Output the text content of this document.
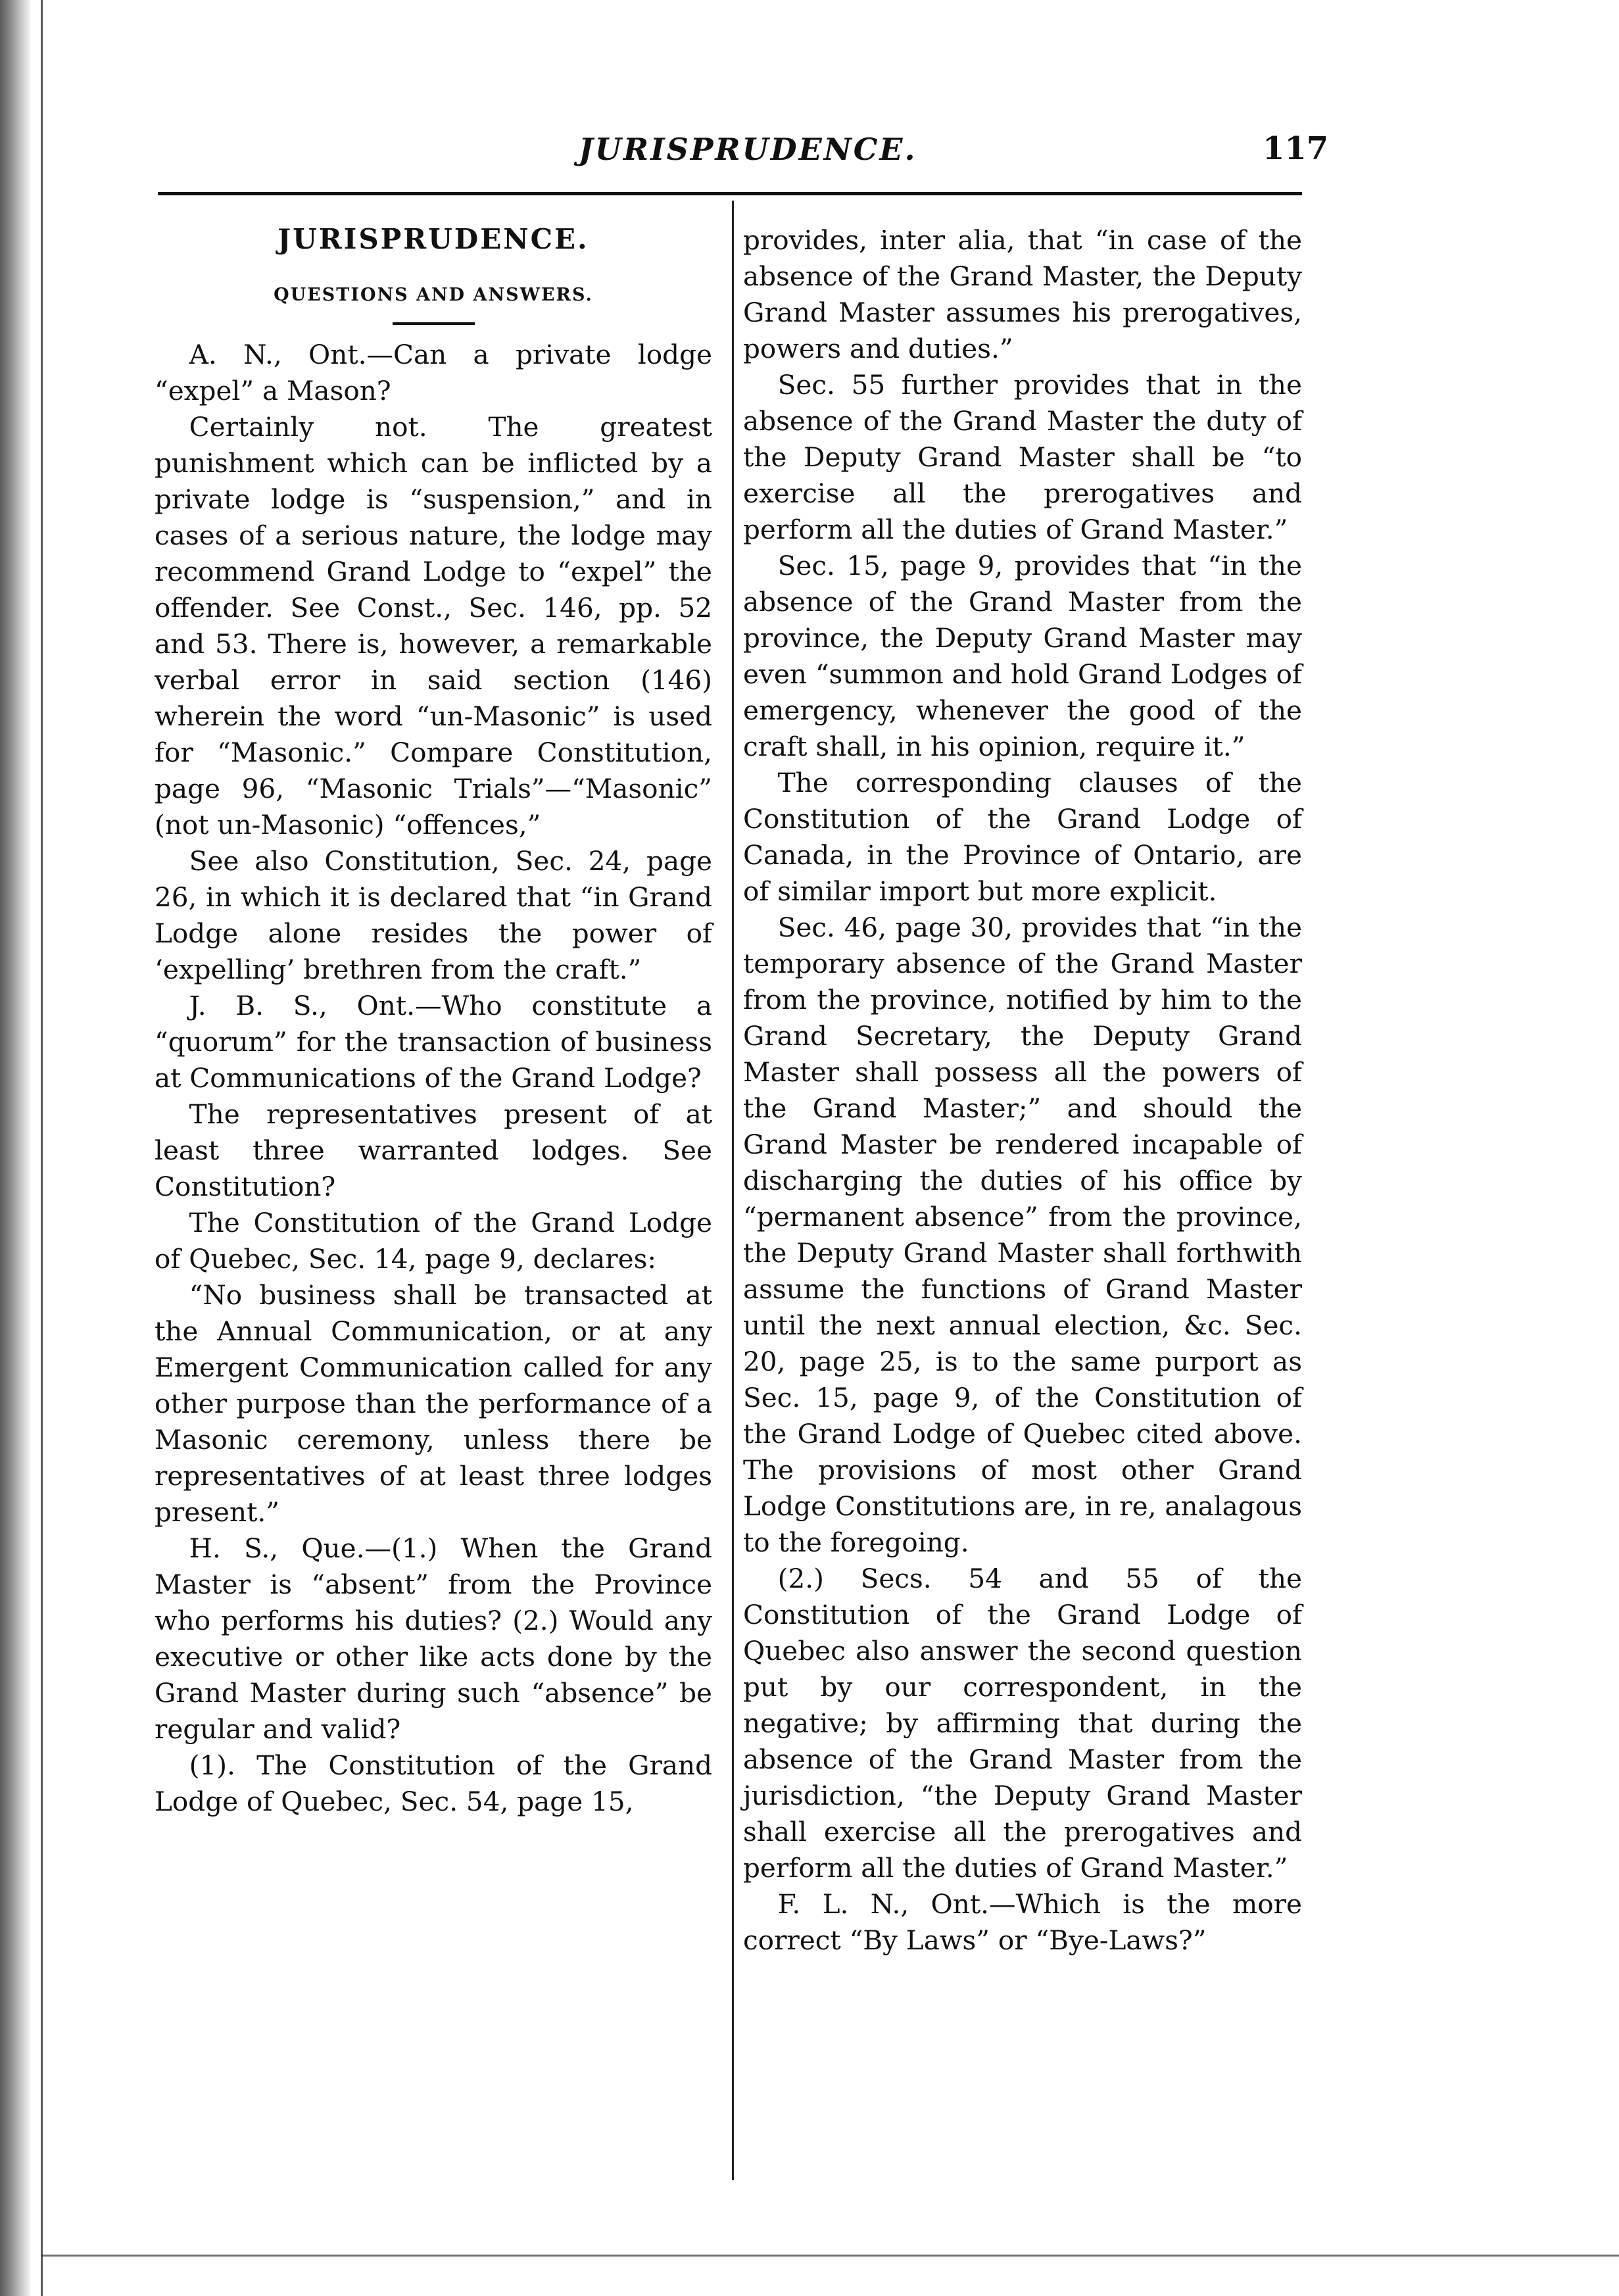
JURISPRUDENCE.	117
JURISPRUDENCE.
QUESTIONS AND ANSWERS.

A. N., Ont.—Can a private lodge “expel” a Mason?

Certainly not. The greatest punishment which can be inflicted by a private lodge is “suspension,” and in cases of a serious nature, the lodge may recommend Grand Lodge to “expel” the offender. See Const., Sec. 146, pp. 52 and 53. There is, however, a remarkable verbal error in said section (146) wherein the word “un-Masonic” is used for “Masonic.” Compare Constitution, page 96, “Masonic Trials”—“Masonic” (not un-Masonic) “offences,”

See also Constitution, Sec. 24, page 26, in which it is declared that “in Grand Lodge alone resides the power of ‘expelling’ brethren from the craft.”

J. B. S., Ont.—Who constitute a “quorum” for the transaction of business at Communications of the Grand Lodge?

The representatives present of at least three warranted lodges. See Constitution?

The Constitution of the Grand Lodge of Quebec, Sec. 14, page 9, declares:

“No business shall be transacted at the Annual Communication, or at any Emergent Communication called for any other purpose than the performance of a Masonic ceremony, unless there be representatives of at least three lodges present.”

H. S., Que.—(1.) When the Grand Master is “absent” from the Province who performs his duties? (2.) Would any executive or other like acts done by the Grand Master during such “absence” be regular and valid?

(1). The Constitution of the Grand Lodge of Quebec, Sec. 54, page 15,

provides, inter alia, that “in case of the absence of the Grand Master, the Deputy Grand Master assumes his prerogatives, powers and duties.”

Sec. 55 further provides that in the absence of the Grand Master the duty of the Deputy Grand Master shall be “to exercise all the prerogatives and perform all the duties of Grand Master.”

Sec. 15, page 9, provides that “in the absence of the Grand Master from the province, the Deputy Grand Master may even “summon and hold Grand Lodges of emergency, whenever the good of the craft shall, in his opinion, require it.”

The corresponding clauses of the Constitution of the Grand Lodge of Canada, in the Province of Ontario, are of similar import but more explicit.

Sec. 46, page 30, provides that “in the temporary absence of the Grand Master from the province, notified by him to the Grand Secretary, the Deputy Grand Master shall possess all the powers of the Grand Master;” and should the Grand Master be rendered incapable of discharging the duties of his office by “permanent absence” from the province, the Deputy Grand Master shall forthwith assume the functions of Grand Master until the next annual election, &c. Sec. 20, page 25, is to the same purport as Sec. 15, page 9, of the Constitution of the Grand Lodge of Quebec cited above. The provisions of most other Grand Lodge Constitutions are, in re, analagous to the foregoing.

(2.) Secs. 54 and 55 of the Constitution of the Grand Lodge of Quebec also answer the second question put by our correspondent, in the negative; by affirming that during the absence of the Grand Master from the jurisdiction, “the Deputy Grand Master shall exercise all the prerogatives and perform all the duties of Grand Master.”

F. L. N., Ont.—Which is the more correct “By Laws” or “Bye-Laws?”
